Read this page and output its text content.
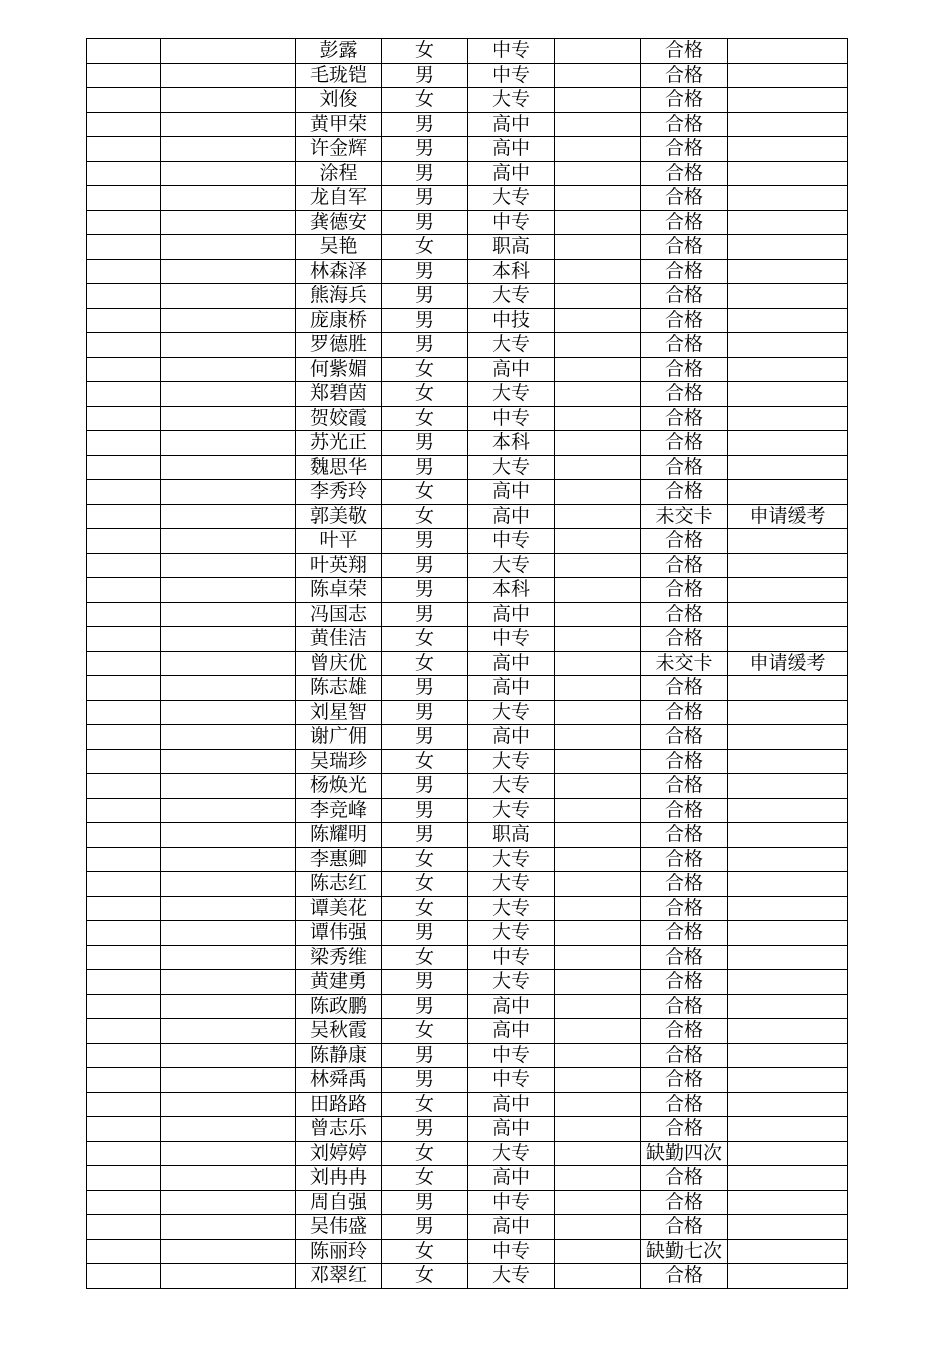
		彭露	女	中专		合格	
		毛珑铠	男	中专		合格	
		刘俊	女	大专		合格	
		黄甲荣	男	高中		合格	
		许金辉	男	高中		合格	
		涂程	男	高中		合格	
		龙自军	男	大专		合格	
		龚德安	男	中专		合格	
		吴艳	女	职高		合格	
		林森泽	男	本科		合格	
		熊海兵	男	大专		合格	
		庞康桥	男	中技		合格	
		罗德胜	男	大专		合格	
		何紫媚	女	高中		合格	
		郑碧茵	女	大专		合格	
		贺姣霞	女	中专		合格	
		苏光正	男	本科		合格	
		魏思华	男	大专		合格	
		李秀玲	女	高中		合格	
		郭美敬	女	高中		未交卡	申请缓考
		叶平	男	中专		合格	
		叶英翔	男	大专		合格	
		陈卓荣	男	本科		合格	
		冯国志	男	高中		合格	
		黄佳洁	女	中专		合格	
		曾庆优	女	高中		未交卡	申请缓考
		陈志雄	男	高中		合格	
		刘星智	男	大专		合格	
		谢广佣	男	高中		合格	
		吴瑞珍	女	大专		合格	
		杨焕光	男	大专		合格	
		李竞峰	男	大专		合格	
		陈耀明	男	职高		合格	
		李惠卿	女	大专		合格	
		陈志红	女	大专		合格	
		谭美花	女	大专		合格	
		谭伟强	男	大专		合格	
		梁秀维	女	中专		合格	
		黄建勇	男	大专		合格	
		陈政鹏	男	高中		合格	
		吴秋霞	女	高中		合格	
		陈静康	男	中专		合格	
		林舜禹	男	中专		合格	
		田路路	女	高中		合格	
		曾志乐	男	高中		合格	
		刘婷婷	女	大专		缺勤四次	
		刘冉冉	女	高中		合格	
		周自强	男	中专		合格	
		吴伟盛	男	高中		合格	
		陈丽玲	女	中专		缺勤七次	
		邓翠红	女	大专		合格	
